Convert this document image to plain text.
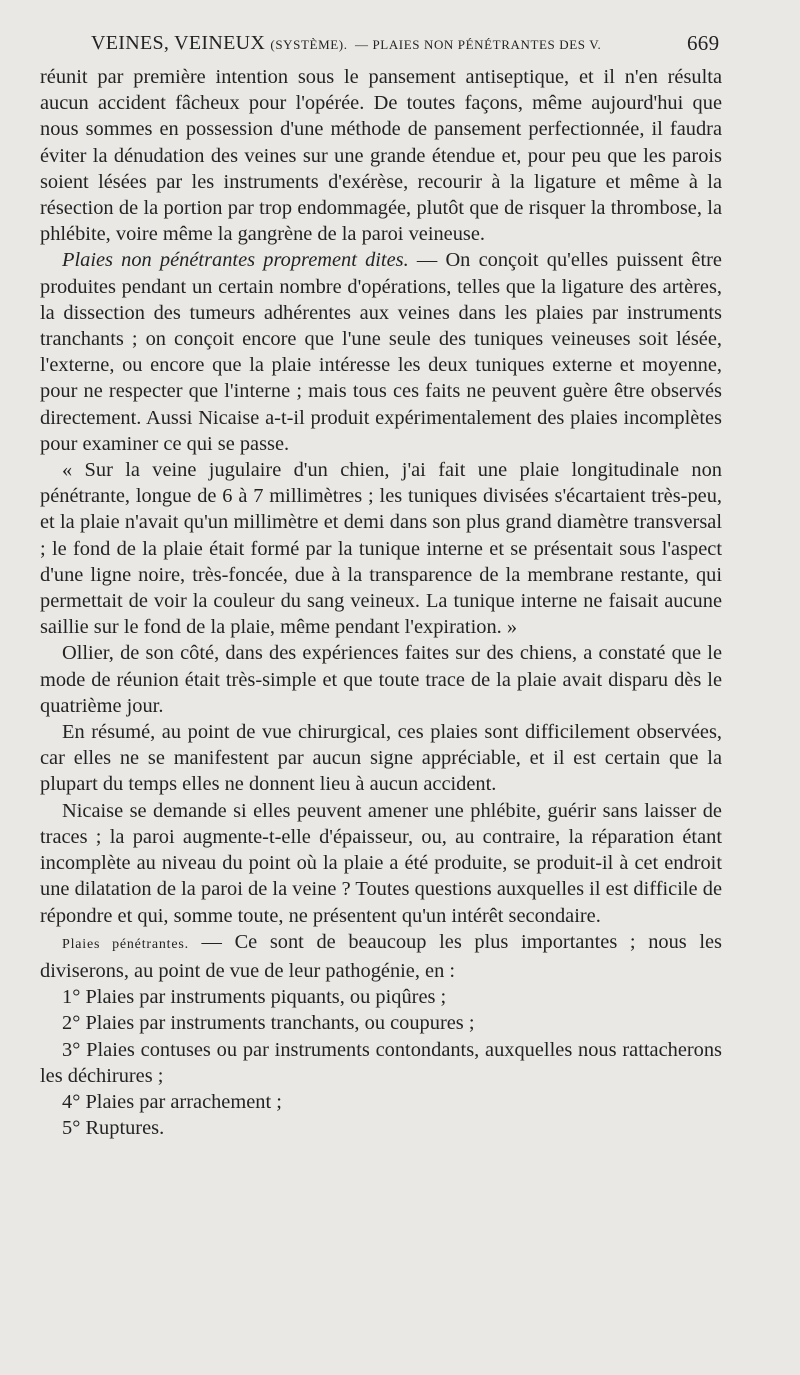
VEINES, VEINEUX (SYSTÈME). — PLAIES NON PÉNÉTRANTES DES V.	669

réunit par première intention sous le pansement antiseptique, et il n'en résulta aucun accident fâcheux pour l'opérée. De toutes façons, même aujourd'hui que nous sommes en possession d'une méthode de pansement perfectionnée, il faudra éviter la dénudation des veines sur une grande étendue et, pour peu que les parois soient lésées par les instruments d'exérèse, recourir à la ligature et même à la résection de la portion par trop endommagée, plutôt que de risquer la thrombose, la phlébite, voire même la gangrène de la paroi veineuse.

Plaies non pénétrantes proprement dites. — On conçoit qu'elles puissent être produites pendant un certain nombre d'opérations, telles que la ligature des artères, la dissection des tumeurs adhérentes aux veines dans les plaies par instruments tranchants ; on conçoit encore que l'une seule des tuniques veineuses soit lésée, l'externe, ou encore que la plaie intéresse les deux tuniques externe et moyenne, pour ne respecter que l'interne ; mais tous ces faits ne peuvent guère être observés directement. Aussi Nicaise a-t-il produit expérimentalement des plaies incomplètes pour examiner ce qui se passe.

« Sur la veine jugulaire d'un chien, j'ai fait une plaie longitudinale non pénétrante, longue de 6 à 7 millimètres ; les tuniques divisées s'écartaient très-peu, et la plaie n'avait qu'un millimètre et demi dans son plus grand diamètre transversal ; le fond de la plaie était formé par la tunique interne et se présentait sous l'aspect d'une ligne noire, très-foncée, due à la transparence de la membrane restante, qui permettait de voir la couleur du sang veineux. La tunique interne ne faisait aucune saillie sur le fond de la plaie, même pendant l'expiration. »

Ollier, de son côté, dans des expériences faites sur des chiens, a constaté que le mode de réunion était très-simple et que toute trace de la plaie avait disparu dès le quatrième jour.

En résumé, au point de vue chirurgical, ces plaies sont difficilement observées, car elles ne se manifestent par aucun signe appréciable, et il est certain que la plupart du temps elles ne donnent lieu à aucun accident.

Nicaise se demande si elles peuvent amener une phlébite, guérir sans laisser de traces ; la paroi augmente-t-elle d'épaisseur, ou, au contraire, la réparation étant incomplète au niveau du point où la plaie a été produite, se produit-il à cet endroit une dilatation de la paroi de la veine ? Toutes questions auxquelles il est difficile de répondre et qui, somme toute, ne présentent qu'un intérêt secondaire.

Plaies pénétrantes. — Ce sont de beaucoup les plus importantes ; nous les diviserons, au point de vue de leur pathogénie, en :

1° Plaies par instruments piquants, ou piqûres ;

2° Plaies par instruments tranchants, ou coupures ;

3° Plaies contuses ou par instruments contondants, auxquelles nous rattacherons les déchirures ;

4° Plaies par arrachement ;

5° Ruptures.
